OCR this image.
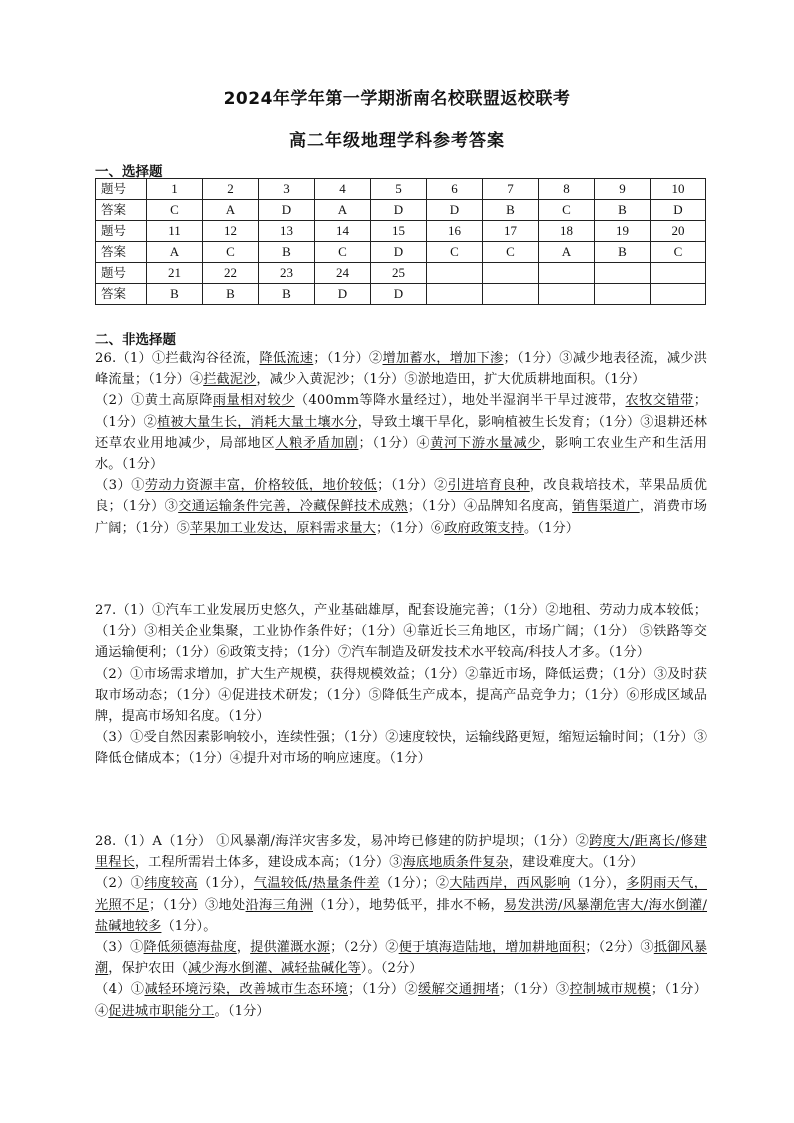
2024年学年第一学期浙南名校联盟返校联考
高二年级地理学科参考答案
一、选择题
题号	1	2	3	4	5	6	7	8	9	10
答案	C	A	D	A	D	D	B	C	B	D
题号	11	12	13	14	15	16	17	18	19	20
答案	A	C	B	C	D	C	C	A	B	C
题号	21	22	23	24	25					
答案	B	B	B	D	D					
二、非选择题

26.（1）①拦截沟谷径流，降低流速；（1分）②增加蓄水，增加下渗；（1分）③减少地表径流，减少洪峰流量；（1分）④拦截泥沙，减少入黄泥沙；（1分）⑤淤地造田，扩大优质耕地面积。（1分）

（2）①黄土高原降雨量相对较少（400mm等降水量经过），地处半湿润半干旱过渡带，农牧交错带；（1分）②植被大量生长，消耗大量土壤水分，导致土壤干旱化，影响植被生长发育；（1分）③退耕还林还草农业用地减少，局部地区人粮矛盾加剧；（1分）④黄河下游水量减少，影响工农业生产和生活用水。（1分）

（3）①劳动力资源丰富，价格较低，地价较低；（1分）②引进培育良种，改良栽培技术，苹果品质优良；（1分）③交通运输条件完善，冷藏保鲜技术成熟；（1分）④品牌知名度高，销售渠道广，消费市场广阔；（1分）⑤苹果加工业发达，原料需求量大；（1分）⑥政府政策支持。（1分）

27.（1）①汽车工业发展历史悠久，产业基础雄厚，配套设施完善；（1分）②地租、劳动力成本较低；（1分）③相关企业集聚，工业协作条件好；（1分）④靠近长三角地区，市场广阔；（1分） ⑤铁路等交通运输便利；（1分）⑥政策支持；（1分）⑦汽车制造及研发技术水平较高/科技人才多。（1分）

（2）①市场需求增加，扩大生产规模，获得规模效益；（1分）②靠近市场，降低运费；（1分）③及时获取市场动态；（1分）④促进技术研发；（1分）⑤降低生产成本，提高产品竞争力；（1分）⑥形成区域品牌，提高市场知名度。（1分）

（3）①受自然因素影响较小，连续性强；（1分）②速度较快，运输线路更短，缩短运输时间；（1分）③降低仓储成本；（1分）④提升对市场的响应速度。（1分）

28.（1）A（1分） ①风暴潮/海洋灾害多发，易冲垮已修建的防护堤坝；（1分）②跨度大/距离长/修建里程长，工程所需岩土体多，建设成本高；（1分）③海底地质条件复杂，建设难度大。（1分）

（2）①纬度较高（1分），气温较低/热量条件差（1分）；②大陆西岸，西风影响（1分），多阴雨天气，光照不足；（1分）③地处沿海三角洲（1分），地势低平，排水不畅，易发洪涝/风暴潮危害大/海水倒灌/盐碱地较多（1分）。

（3）①降低须德海盐度，提供灌溉水源；（2分）②便于填海造陆地，增加耕地面积；（2分）③抵御风暴潮，保护农田（减少海水倒灌、减轻盐碱化等）。（2分）

（4）①减轻环境污染，改善城市生态环境；（1分）②缓解交通拥堵；（1分）③控制城市规模；（1分）④促进城市职能分工。（1分）
